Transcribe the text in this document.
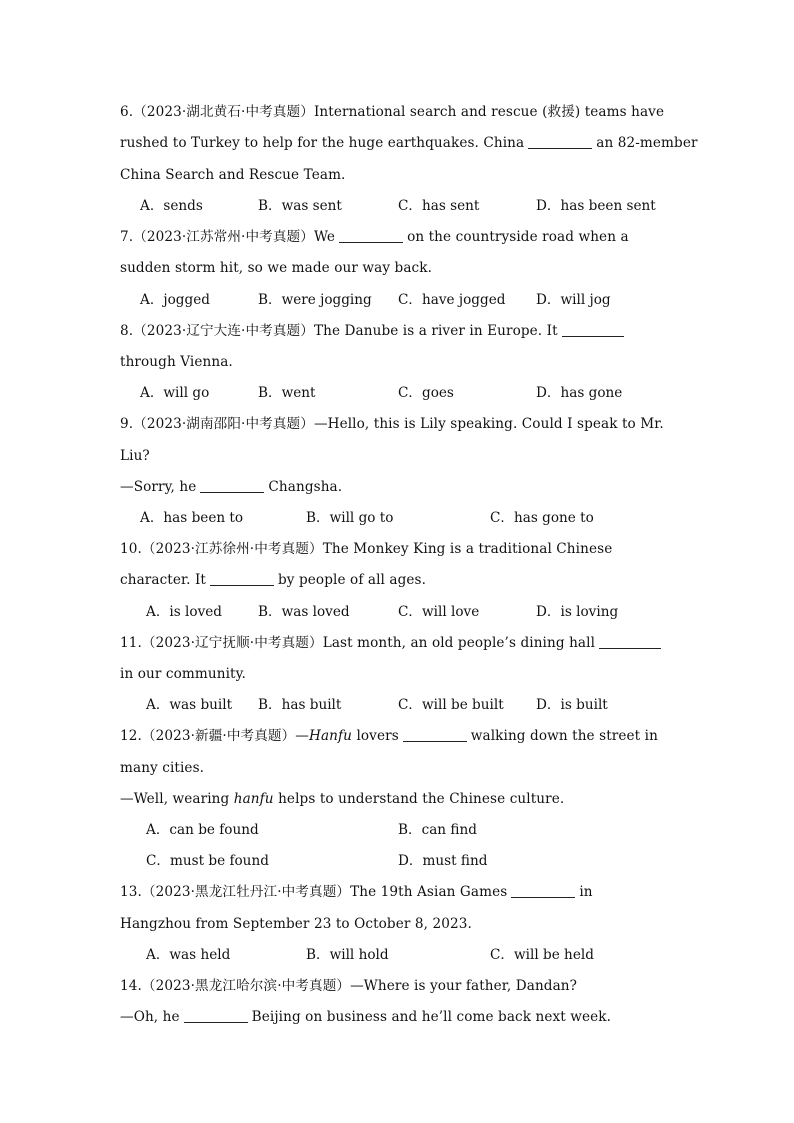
6.（2023·湖北黄石·中考真题）International search and rescue (救援) teams have
rushed to Turkey to help for the huge earthquakes. China	an 82-member
China Search and Rescue Team.
A．sends	B．was sent	C．has sent	D．has been sent
7.（2023·江苏常州·中考真题）We	on the countryside road when a
sudden storm hit, so we made our way back.
A．jogged	B．were jogging C．have jogged D．will jog
8.（2023·辽宁大连·中考真题）The Danube is a river in Europe. It
through Vienna.
A．will go	B．went	C．goes	D．has gone
9.（2023·湖南邵阳·中考真题）—Hello, this is Lily speaking. Could I speak to Mr.
Liu?
—Sorry, he	Changsha.
A．has been to	B．will go to	C．has gone to
10.（2023·江苏徐州·中考真题）The Monkey King is a traditional Chinese
character. It	by people of all ages.
A．is loved	B．was loved	C．will love	D．is loving
11.（2023·辽宁抚顺·中考真题）Last month, an old people’s dining hall
in our community.
A．was built B．has built	C．will be built D．is built
12.（2023·新疆·中考真题）—Hanfu lovers	walking down the street in
many cities.
—Well, wearing hanfu helps to understand the Chinese culture.
A．can be found	B．can find
C．must be found	D．must find
13.（2023·黑龙江牡丹江·中考真题）The 19th Asian Games	in
Hangzhou from September 23 to October 8, 2023.
A．was held	B．will hold	C．will be held
14.（2023·黑龙江哈尔滨·中考真题）—Where is your father, Dandan?
—Oh, he	Beijing on business and he’ll come back next week.
